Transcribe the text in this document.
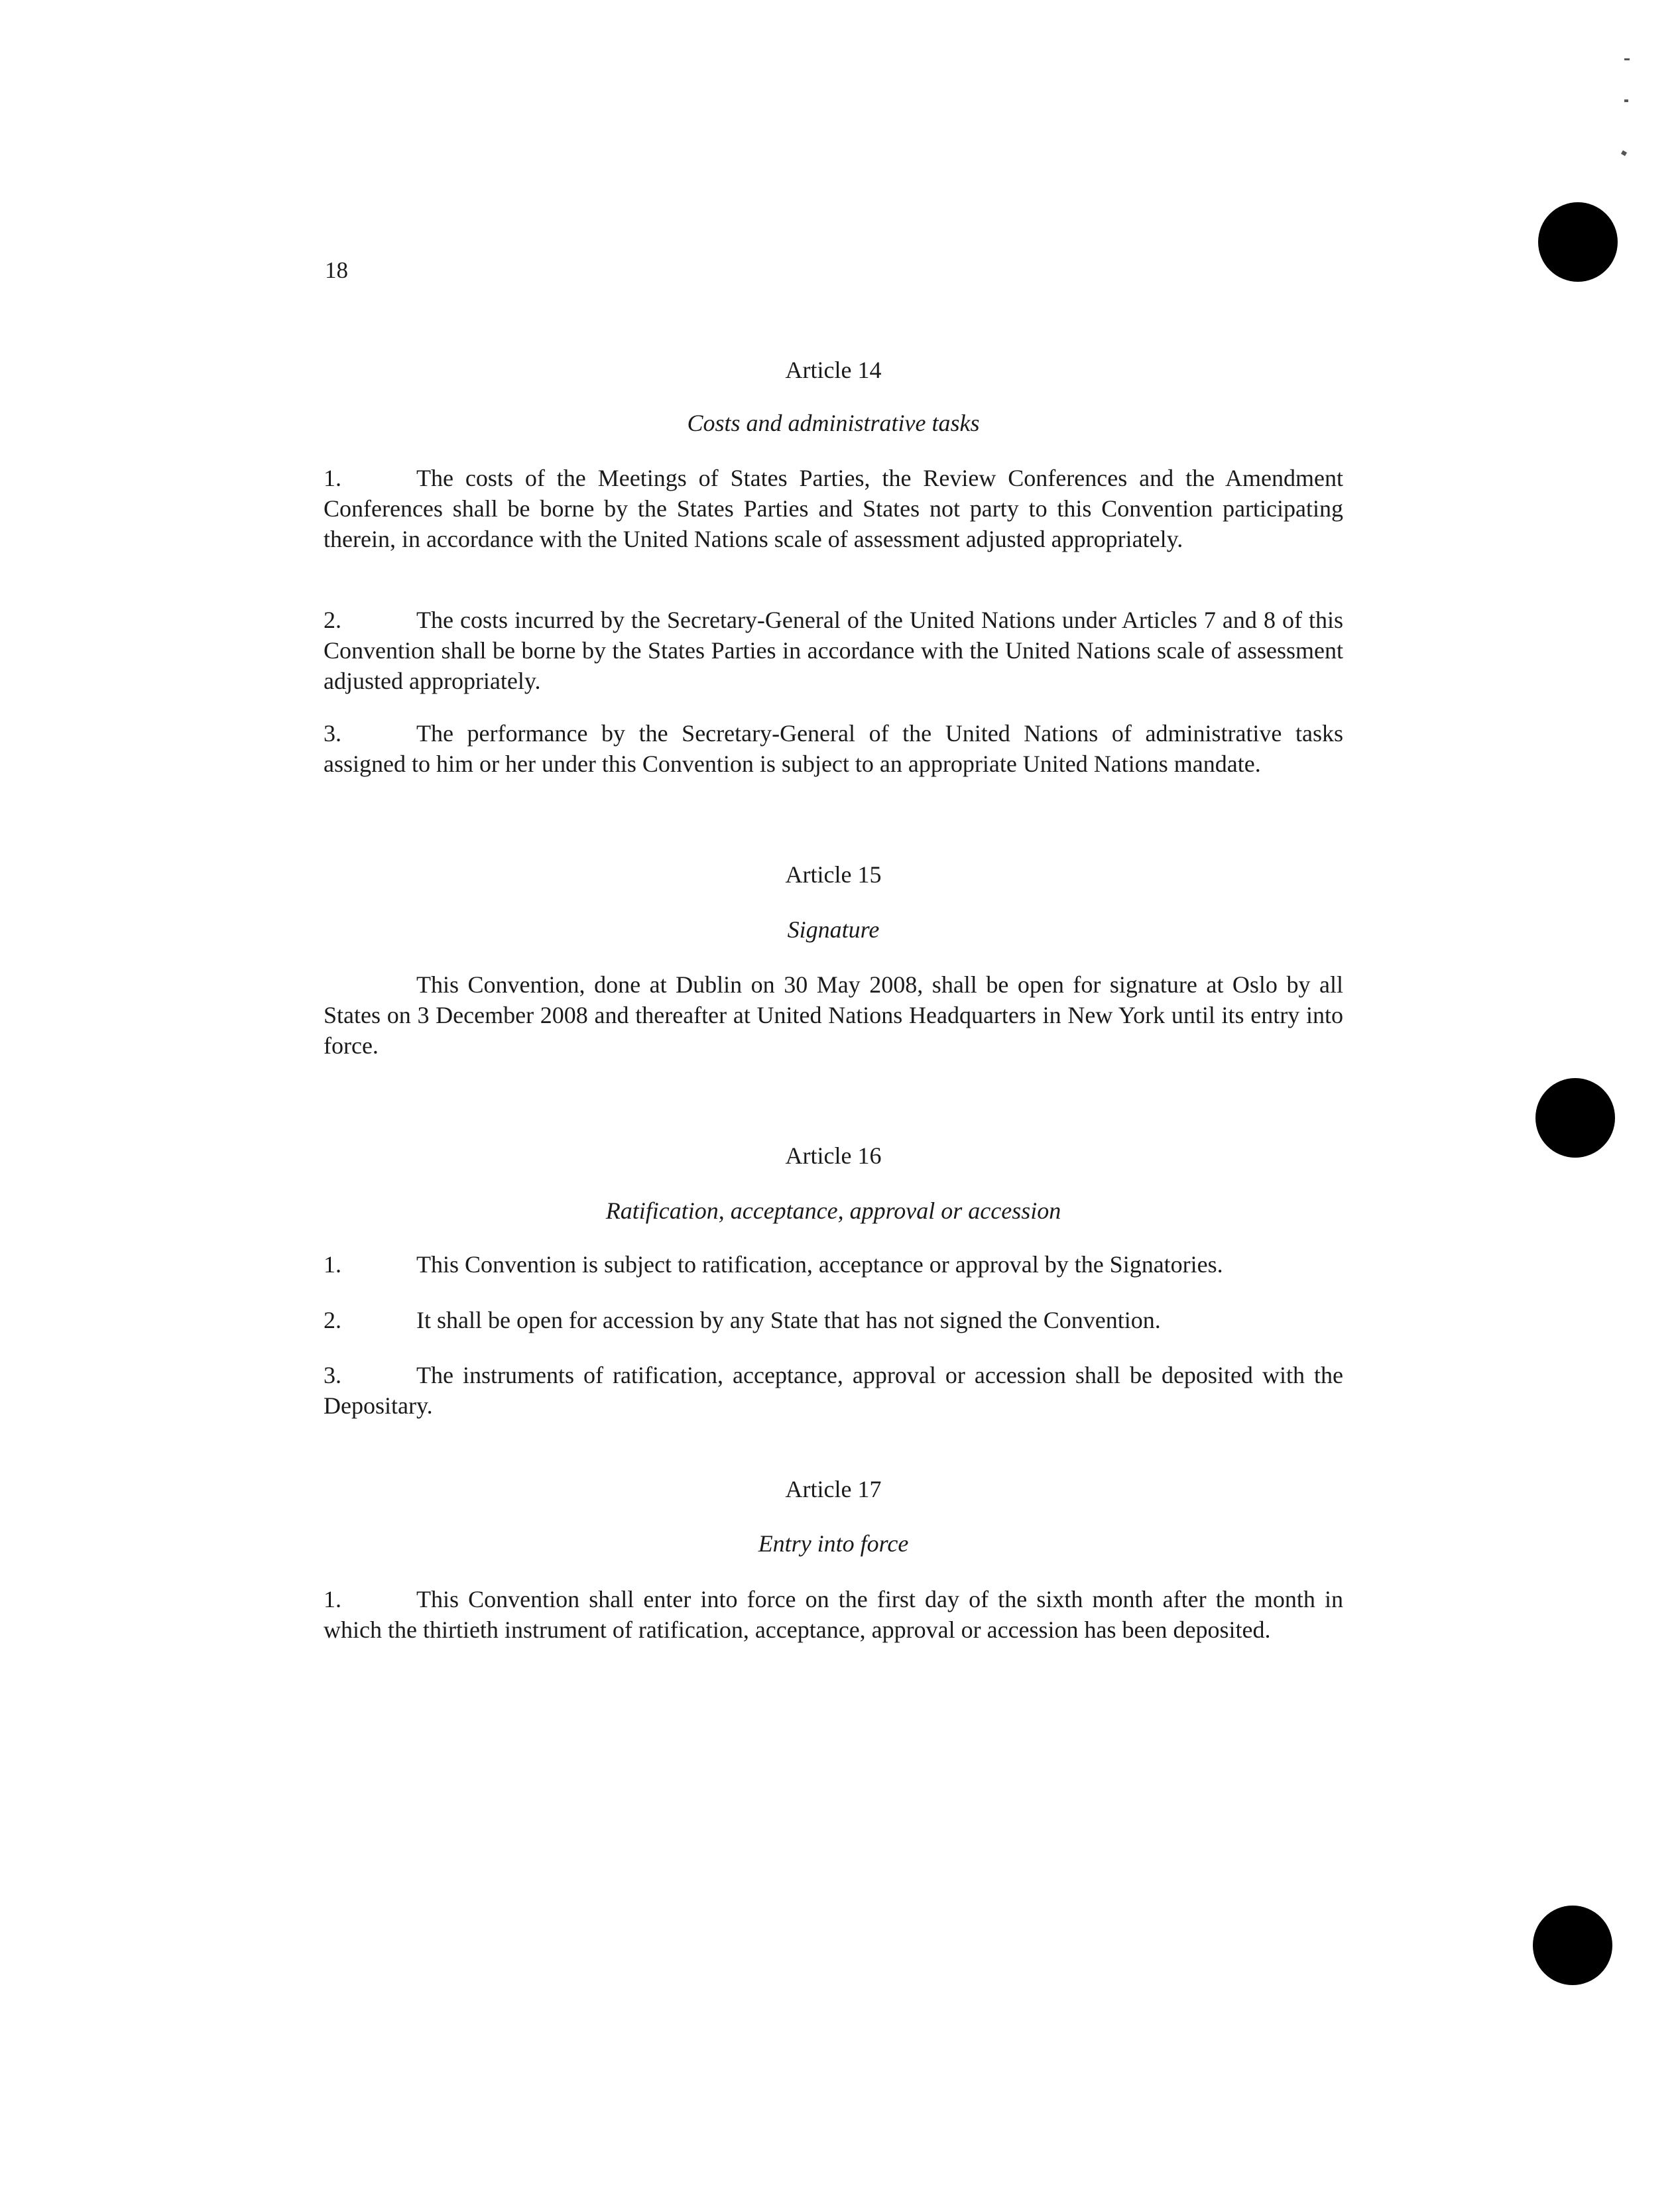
18
Article 14
Costs and administrative tasks
1.	The costs of the Meetings of States Parties, the Review Conferences and the Amendment Conferences shall be borne by the States Parties and States not party to this Convention participating therein, in accordance with the United Nations scale of assessment adjusted appropriately.
2.	The costs incurred by the Secretary-General of the United Nations under Articles 7 and 8 of this Convention shall be borne by the States Parties in accordance with the United Nations scale of assessment adjusted appropriately.
3.	The performance by the Secretary-General of the United Nations of administrative tasks assigned to him or her under this Convention is subject to an appropriate United Nations mandate.
Article 15
Signature
This Convention, done at Dublin on 30 May 2008, shall be open for signature at Oslo by all States on 3 December 2008 and thereafter at United Nations Headquarters in New York until its entry into force.
Article 16
Ratification, acceptance, approval or accession
1.	This Convention is subject to ratification, acceptance or approval by the Signatories.
2.	It shall be open for accession by any State that has not signed the Convention.
3.	The instruments of ratification, acceptance, approval or accession shall be deposited with the Depositary.
Article 17
Entry into force
1.	This Convention shall enter into force on the first day of the sixth month after the month in which the thirtieth instrument of ratification, acceptance, approval or accession has been deposited.
